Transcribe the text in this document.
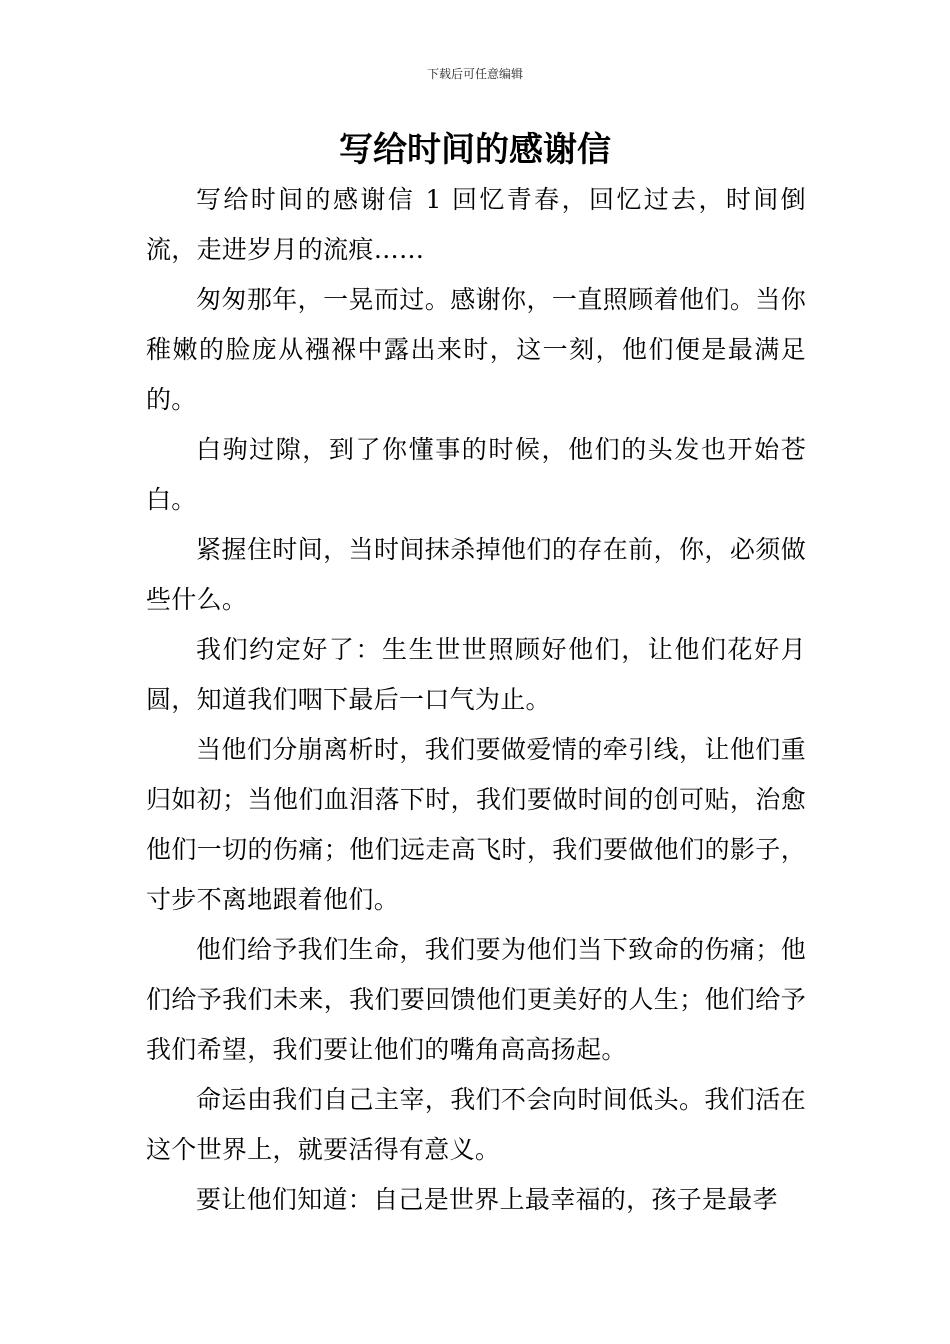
下载后可任意编辑
写给时间的感谢信

写给时间的感谢信 1 回忆青春，回忆过去，时间倒流，走进岁月的流痕……

匆匆那年，一晃而过。感谢你，一直照顾着他们。当你稚嫩的脸庞从襁褓中露出来时，这一刻，他们便是最满足的。

白驹过隙，到了你懂事的时候，他们的头发也开始苍白。

紧握住时间，当时间抹杀掉他们的存在前，你，必须做些什么。

我们约定好了：生生世世照顾好他们，让他们花好月圆，知道我们咽下最后一口气为止。

当他们分崩离析时，我们要做爱情的牵引线，让他们重归如初；当他们血泪落下时，我们要做时间的创可贴，治愈他们一切的伤痛；他们远走高飞时，我们要做他们的影子，寸步不离地跟着他们。

他们给予我们生命，我们要为他们当下致命的伤痛；他们给予我们未来，我们要回馈他们更美好的人生；他们给予我们希望，我们要让他们的嘴角高高扬起。

命运由我们自己主宰，我们不会向时间低头。我们活在这个世界上，就要活得有意义。

要让他们知道：自己是世界上最幸福的，孩子是最孝
